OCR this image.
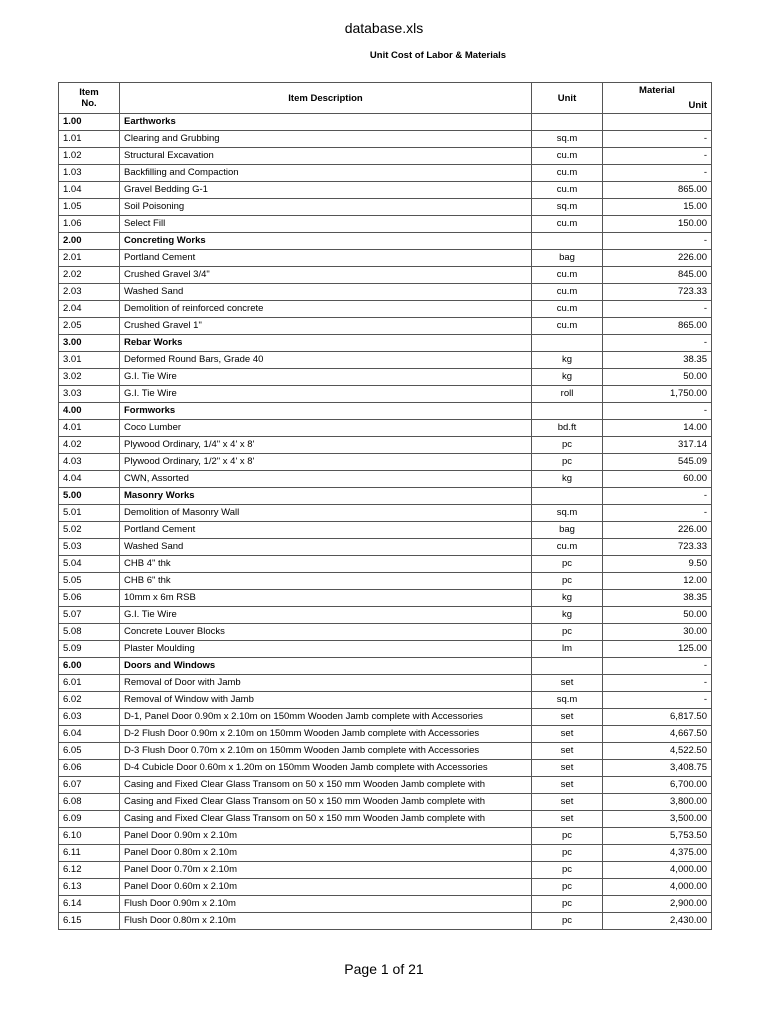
database.xls
Unit Cost of Labor & Materials
Item
No.	Item Description	Unit	Material
			Unit
1.00	Earthworks		
1.01	Clearing and Grubbing	sq.m	-
1.02	Structural Excavation	cu.m	-
1.03	Backfilling and Compaction	cu.m	-
1.04	Gravel Bedding G-1	cu.m	865.00
1.05	Soil Poisoning	sq.m	15.00
1.06	Select Fill	cu.m	150.00
2.00	Concreting Works		-
2.01	Portland Cement	bag	226.00
2.02	Crushed Gravel 3/4"	cu.m	845.00
2.03	Washed Sand	cu.m	723.33
2.04	Demolition of reinforced concrete	cu.m	-
2.05	Crushed Gravel 1"	cu.m	865.00
3.00	Rebar Works		-
3.01	Deformed Round Bars, Grade 40	kg	38.35
3.02	G.I. Tie Wire	kg	50.00
3.03	G.I. Tie Wire	roll	1,750.00
4.00	Formworks		-
4.01	Coco Lumber	bd.ft	14.00
4.02	Plywood Ordinary, 1/4" x 4' x 8'	pc	317.14
4.03	Plywood Ordinary, 1/2" x 4' x 8'	pc	545.09
4.04	CWN, Assorted	kg	60.00
5.00	Masonry Works		-
5.01	Demolition of Masonry Wall	sq.m	-
5.02	Portland Cement	bag	226.00
5.03	Washed Sand	cu.m	723.33
5.04	CHB 4" thk	pc	9.50
5.05	CHB 6" thk	pc	12.00
5.06	10mm x 6m RSB	kg	38.35
5.07	G.I. Tie Wire	kg	50.00
5.08	Concrete Louver Blocks	pc	30.00
5.09	Plaster Moulding	lm	125.00
6.00	Doors and Windows		-
6.01	Removal of Door with Jamb	set	-
6.02	Removal of Window with Jamb	sq.m	-
6.03	D-1, Panel Door 0.90m x 2.10m on 150mm Wooden Jamb complete with Accessories	set	6,817.50
6.04	D-2 Flush Door 0.90m x 2.10m on 150mm Wooden Jamb complete with Accessories	set	4,667.50
6.05	D-3 Flush Door 0.70m x 2.10m on 150mm Wooden Jamb complete with Accessories	set	4,522.50
6.06	D-4 Cubicle Door 0.60m x 1.20m on 150mm Wooden Jamb complete with Accessories	set	3,408.75
6.07	Casing and Fixed Clear Glass Transom on 50 x 150 mm Wooden Jamb complete with	set	6,700.00
6.08	Casing and Fixed Clear Glass Transom on 50 x 150 mm Wooden Jamb complete with	set	3,800.00
6.09	Casing and Fixed Clear Glass Transom on 50 x 150 mm Wooden Jamb complete with	set	3,500.00
6.10	Panel Door 0.90m x 2.10m	pc	5,753.50
6.11	Panel Door 0.80m x 2.10m	pc	4,375.00
6.12	Panel Door 0.70m x 2.10m	pc	4,000.00
6.13	Panel Door 0.60m x 2.10m	pc	4,000.00
6.14	Flush Door 0.90m x 2.10m	pc	2,900.00
6.15	Flush Door 0.80m x 2.10m	pc	2,430.00
Page 1 of 21
